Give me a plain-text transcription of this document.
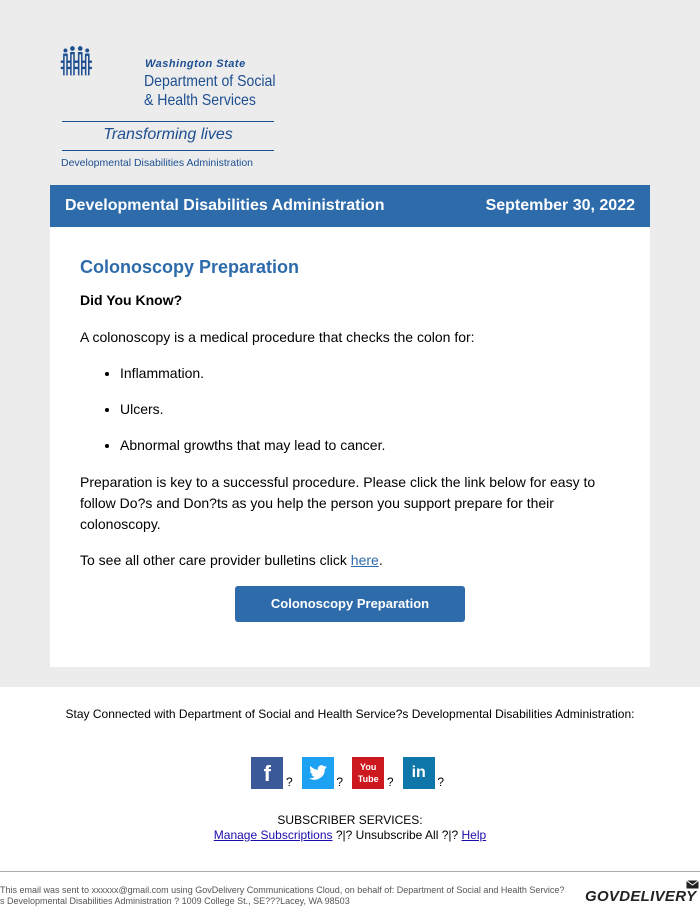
Washington State
Department of Social
& Health Services
Transforming lives
Developmental Disabilities Administration
Developmental Disabilities Administration	September 30, 2022
Colonoscopy Preparation
Did You Know?
A colonoscopy is a medical procedure that checks the colon for:
• Inflammation.
• Ulcers.
• Abnormal growths that may lead to cancer.
Preparation is key to a successful procedure. Please click the link below for easy to follow Do?s and Don?ts as you help the person you support prepare for their colonoscopy.
To see all other care provider bulletins click here.
Colonoscopy Preparation
Stay Connected with Department of Social and Health Service?s Developmental Disabilities Administration:
f ?	? You Tube ? in?
SUBSCRIBER SERVICES:
Manage Subscriptions ?|? Unsubscribe All ?|? Help
This email was sent to xxxxxx@gmail.com using GovDelivery Communications Cloud, on behalf of: Department of Social and Health Service?s Developmental Disabilities Administration ? 1009 College St., SE???Lacey, WA 98503	GOVDELIVERY
